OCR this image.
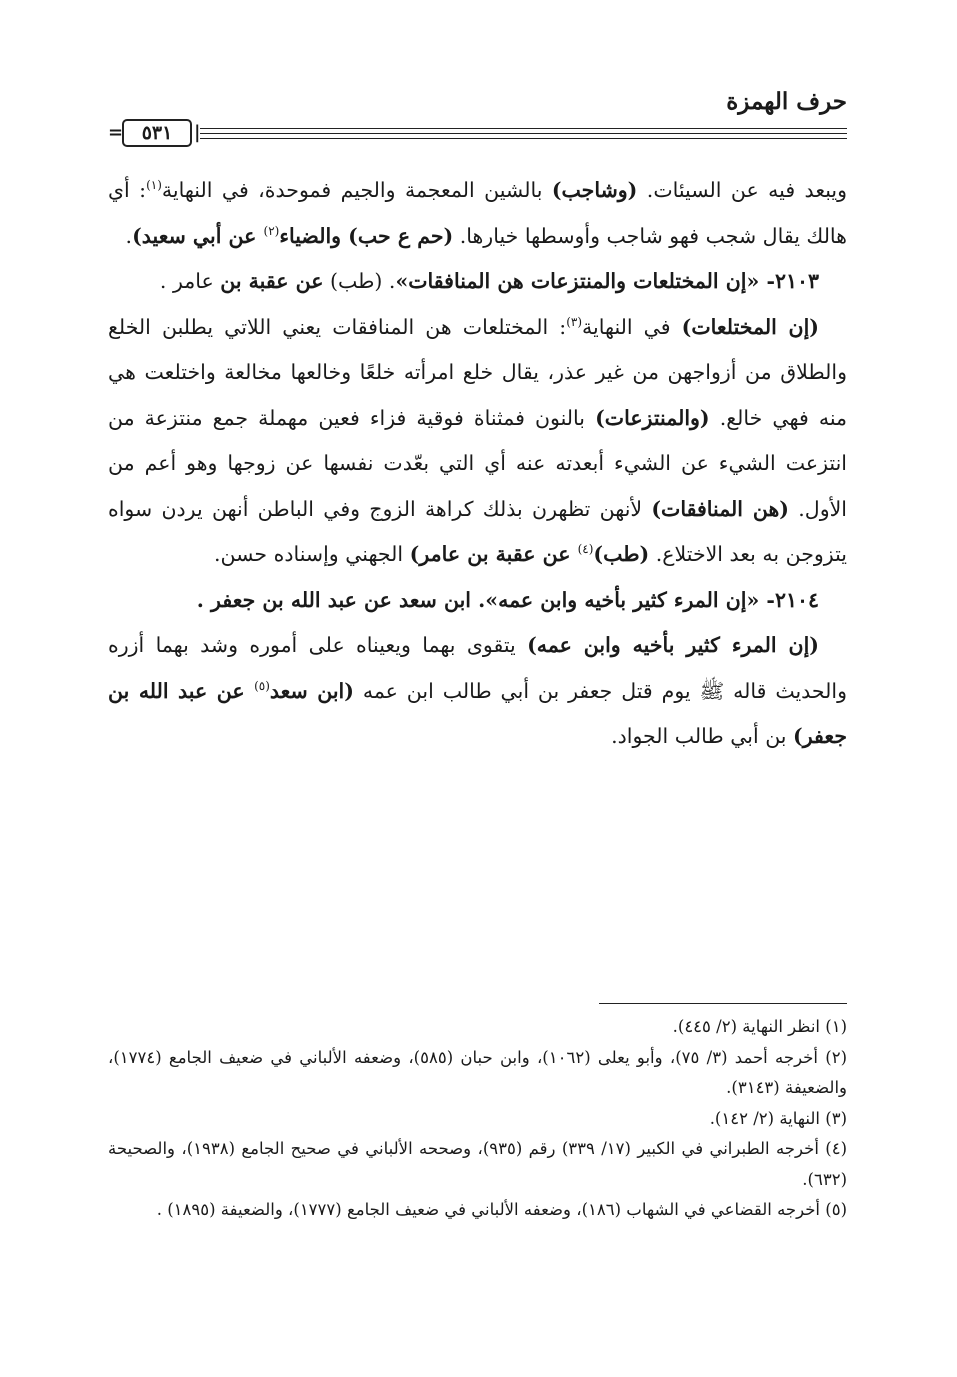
حرف الهمزة
= ٥٣١	|

ويبعد فيه عن السيئات. (وشاجب) بالشين المعجمة والجيم فموحدة، في النهاية$^{(١)}$: أي هالك يقال شجب فهو شاجب وأوسطها خيارها. (حم ع حب) والضياء$^{(٢)}$ عن أبي سعيد).

٢١٠٣- «إن المختلعات والمنتزعات هن المنافقات». (طب) عن عقبة بن عامر .

(إن المختلعات) في النهاية$^{(٣)}$: المختلعات هن المنافقات يعني اللاتي يطلبن الخلع والطلاق من أزواجهن من غير عذر، يقال خلع امرأته خلعًا وخالعها مخالعة واختلعت هي منه فهي خالع. (والمنتزعات) بالنون فمثناة فوقية فزاء فعين مهملة جمع منتزعة من انتزعت الشيء عن الشيء أبعدته عنه أي التي بعّدت نفسها عن زوجها وهو أعم من الأول. (هن المنافقات) لأنهن تظهرن بذلك كراهة الزوج وفي الباطن أنهن يردن سواه يتزوجن به بعد الاختلاع. (طب)$^{(٤)}$ عن عقبة بن عامر) الجهني وإسناده حسن.

٢١٠٤- «إن المرء كثير بأخيه وابن عمه». ابن سعد عن عبد الله بن جعفر .

(إن المرء كثير بأخيه وابن عمه) يتقوى بهما ويعيناه على أموره وشد بهما أزره والحديث قاله ﷺ يوم قتل جعفر بن أبي طالب ابن عمه (ابن سعد$^{(٥)}$ عن عبد الله بن جعفر) بن أبي طالب الجواد.

(١) انظر النهاية (٢/ ٤٤٥).

(٢) أخرجه أحمد (٣/ ٧٥)، وأبو يعلى (١٠٦٢)، وابن حبان (٥٨٥)، وضعفه الألباني في ضعيف الجامع (١٧٧٤)، والضعيفة (٣١٤٣).

(٣) النهاية (٢/ ١٤٢).

(٤) أخرجه الطبراني في الكبير (١٧/ ٣٣٩) رقم (٩٣٥)، وصححه الألباني في صحيح الجامع (١٩٣٨)، والصحيحة (٦٣٢).

(٥) أخرجه القضاعي في الشهاب (١٨٦)، وضعفه الألباني في ضعيف الجامع (١٧٧٧)، والضعيفة (١٨٩٥) .
